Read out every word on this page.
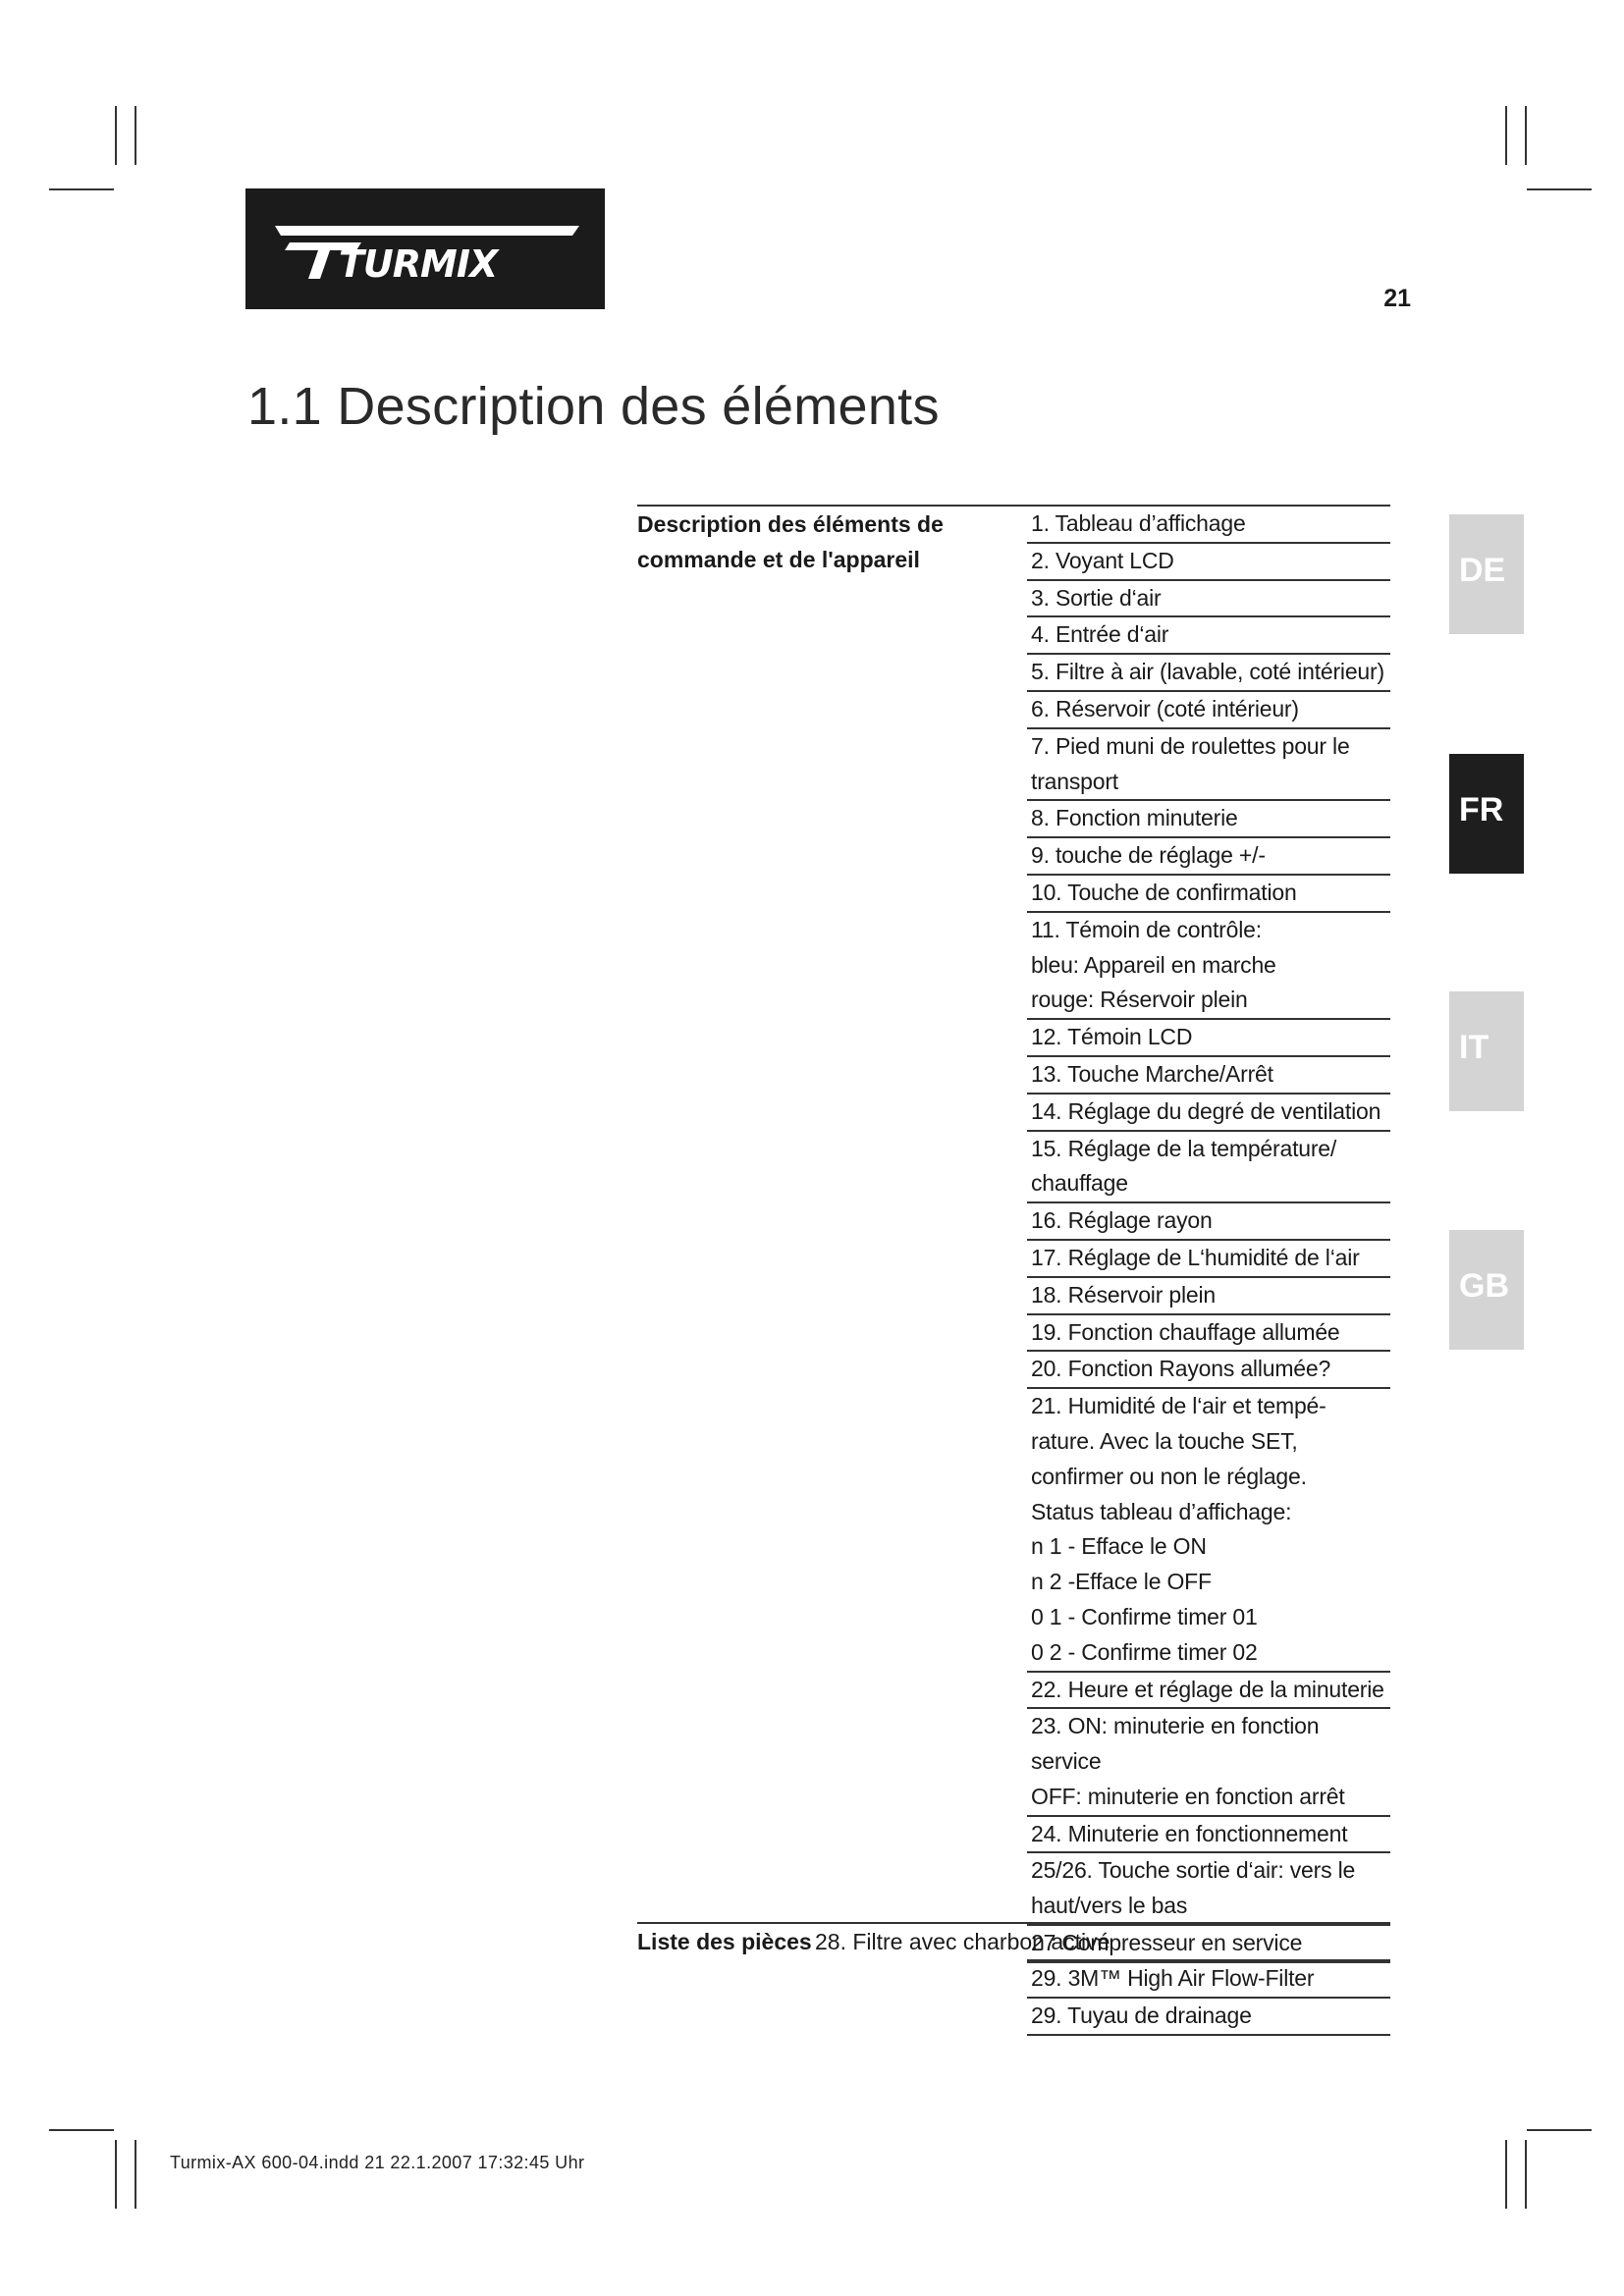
TURMIX
21
1.1 Description des éléments
DE
FR
IT
GB
Description des éléments de
commande et de l'appareil
1. Tableau d’affichage
2. Voyant LCD
3. Sortie d‘air
4. Entrée d‘air
5. Filtre à air (lavable, coté intérieur)
6. Réservoir (coté intérieur)
7. Pied muni de roulettes pour le
transport
8. Fonction minuterie
9. touche de réglage +/-
10. Touche de confirmation
11. Témoin de contrôle:
bleu: Appareil en marche
rouge: Réservoir plein
12. Témoin LCD
13. Touche Marche/Arrêt
14. Réglage du degré de ventilation
15. Réglage de la température/
chauffage
16. Réglage rayon
17. Réglage de L‘humidité de l‘air
18. Réservoir plein
19. Fonction chauffage allumée
20. Fonction Rayons allumée?
21. Humidité de l‘air et tempé-
rature. Avec la touche SET,
confirmer ou non le réglage.
Status tableau d’affichage:
n 1 - Efface le ON
n 2 -Efface le OFF
0 1 - Confirme timer 01
0 2 - Confirme timer 02
22. Heure et réglage de la minuterie
23. ON: minuterie en fonction service
OFF: minuterie en fonction arrêt
24. Minuterie en fonctionnement
25/26. Touche sortie d‘air: vers le
haut/vers le bas
27 Compresseur en service
Liste des pièces 28. Filtre avec charbon activé
29. 3M™ High Air Flow-Filter
29. Tuyau de drainage
Turmix-AX 600-04.indd 21 22.1.2007 17:32:45 Uhr
